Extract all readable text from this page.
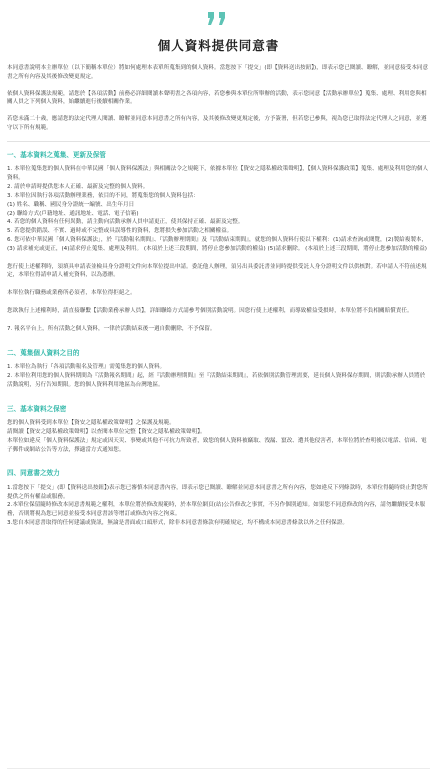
個人資料提供同意書

本同意書說明本主辦單位（以下簡稱本單位）將如何處理本表單所蒐集到的個人資料。當您按下「提交」(即【資料送出按鈕】)，即表示您已閱讀、瞭解，並同意接受本同意書之所有內容及其後修改變更規定。

依個人資料保護法規範，請您於【各項活動】前務必詳細閱讀本聲明書之各項內容，若您參與本單位所舉辦的活動，表示您同意【活動承辦單位】蒐集、處理、利用您與相關人員之下列個人資料，始繼續進行後續相關作業。

若您未滿二十歲，應請您的法定代理人閱讀、瞭解並同意本同意書之所有內容，及其後修改變更規定後，方予簽署，但若您已參與，視為您已取得法定代理人之同意，並遵守以下所有規範。

一、基本資料之蒐集、更新及保管
1. 本單位蒐集您的個人資料在中華民國「個人資料保護法」與相關法令之規範下，依據本單位【資安之隱私權政策聲明】，【個人資料保護政策】蒐集、處理及利用您的個人資料。
2. 請於申請時提供您本人正確、最新及完整的個人資料。
3. 本單位因執行各項活動辦理業務，依目的不同，將蒐集您的個人資料包括：
(1) 姓名、職稱、國民身分證統一編號、出生年月日
(2) 聯絡方式(戶籍地址、通訊地址、電話、電子信箱)
4. 若您的個人資料有任何異動，請主動向活動承辦人員申請更正，使其保持正確、最新及完整。
5. 若您提供錯誤、不實、過時或不完整或具誤導性的資料，您將損失參加活動之相關權益。

6. 您可依中華民國「個人資料保護法」，於『活動報名期間』、『活動辦理期間』及『活動結束期間』，就您的個人資料行使以下權利：(1)請求查詢或閱覽，(2)製給複製本，(3) 請求補充或更正，(4)請求停止蒐集、處理及利用。 (本項於上述三段期間，將停止您參加活動的權益) (5)請求刪除。 (本項於上述三段期間，將停止您參加活動的權益)

您行使上述權利時，須填具申請表並檢具身分證明文件向本單位提出申請。委託他人辦理，須另出具委託書並同時提供受託人身分證明文件以供核對。若申請人不符前述規定，本單位得請申請人補充資料，以為憑辦。

本單位執行職務或業務所必須者，本單位得拒絕之。

您欲執行上述權利時，請直接聯繫【活動業務承辦人員】，詳細聯絡方式請參考個別活動說明。因您行使上述權利，而導致權益受損時，本單位將不負相關賠償責任。

7. 報名平台上，所有活動之個人資料，一律於活動結束後一週自動刪除，不予保留。

二、蒐集個人資料之目的
1. 本單位為執行『各項活動報名及管理』需蒐集您的個人資料。
2. 本單位利用您的個人資料期間為『活動報名期間』起，經『活動辦理期間』至『活動結束期間』，若依個別活動管理需要，延長個人資料保存期間，則活動承辦人員將於活動說明，另行告知期限。您的個人資料利用地區為台灣地區。
三、基本資料之保密
您的個人資料受到本單位【資安之隱私權政策聲明】之保護及規範。
請閱讀【資安之隱私權政策聲明】以查閱本單位完整【資安之隱私權政策聲明】。
本單位如違反「個人資料保護法」規定或因天災、事變或其他不可抗力所致者，致您的個人資料被竊取、洩漏、竄改、遭其他侵害者，本單位將於查明後以電話、信函、電子郵件或網站公告等方法，擇適當方式通知您。
四、同意書之效力
1.當您按下「提交」(即【資料送出按鈕】)表示您已審慎本同意書內容，即表示您已閱讀、瞭解並同意本同意書之所有內容，您如違反下列條款時，本單位得隨時終止對您所提供之所有權益或服務。
2.本單位保留隨時修改本同意書規範之權利，本單位將於修改規範時，於本單位網頁(站)公告修改之事實，不另作個別通知。如果您不同意修改的內容，請勿繼續接受本服務，否則將視為您已同意並接受本同意書該等增訂或修改內容之拘束。
3.您自本同意書取得的任何建議或資訊，無論是書面或口頭形式，除非本同意書條款有明確規定，均不構成本同意書條款以外之任何保證。
